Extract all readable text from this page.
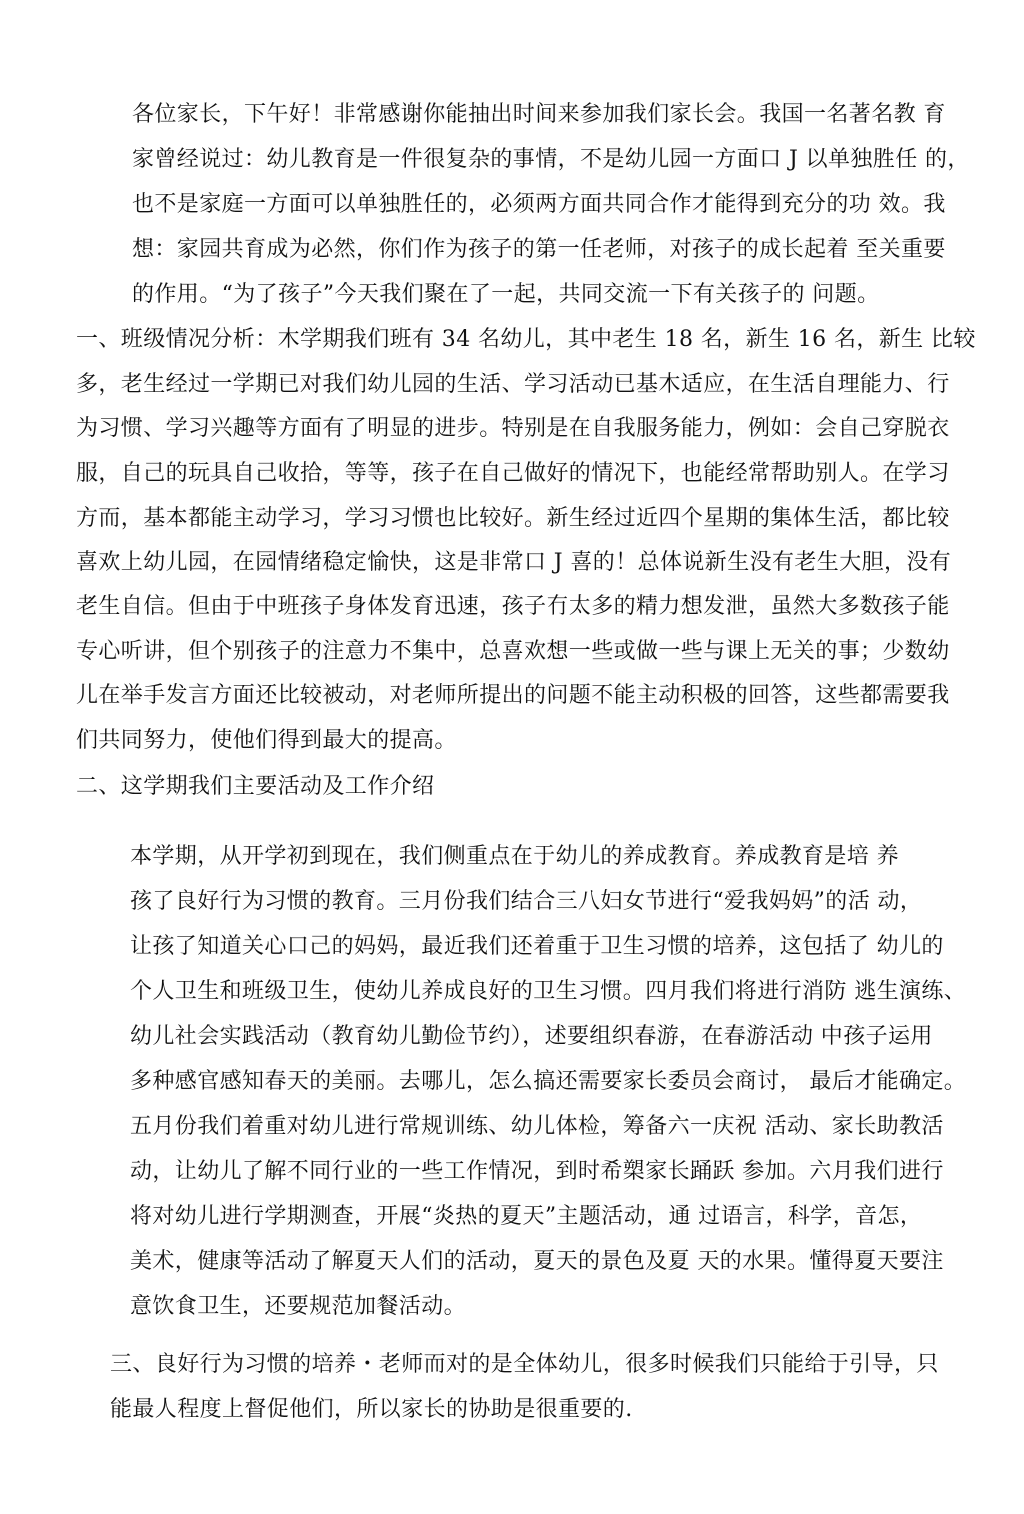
各位家长，下午好！非常感谢你能抽出时间来参加我们家长会。我国一名著名教 育
家曾经说过：幼儿教育是一件很复杂的事情，不是幼儿园一方面口 J 以单独胜任 的，
也不是家庭一方面可以单独胜任的，必须两方面共同合作才能得到充分的功 效。我
想：家园共育成为必然，你们作为孩子的第一任老师，对孩子的成长起着 至关重要
的作用。“为了孩子”今天我们聚在了一起，共同交流一下有关孩子的 问题。
一、班级情况分析：木学期我们班有 34 名幼儿，其中老生 18 名，新生 16 名，新生 比较
多，老生经过一学期已对我们幼儿园的生活、学习活动已基木适应，在生活自理能力、行
为习惯、学习兴趣等方面有了明显的进步。特别是在自我服务能力，例如：会自己穿脱衣
服，自己的玩具自己收拾，等等，孩子在自己做好的情况下，也能经常帮助别人。在学习
方而，基本都能主动学习，学习习惯也比较好。新生经过近四个星期的集体生活，都比较
喜欢上幼儿园，在园情绪稳定愉快，这是非常口 J 喜的！总体说新生没有老生大胆，没有
老生自信。但由于中班孩子身体发育迅速，孩子冇太多的精力想发泄，虽然大多数孩子能
专心听讲，但个别孩子的注意力不集中，总喜欢想一些或做一些与课上无关的事；少数幼
儿在举手发言方面还比较被动，对老师所提出的问题不能主动积极的回答，这些都需要我
们共同努力，使他们得到最大的提高。
二、这学期我们主要活动及工作介绍
本学期，从开学初到现在，我们侧重点在于幼儿的养成教育。养成教育是培 养
孩了良好行为习惯的教育。三月份我们结合三八妇女节进行“爱我妈妈”的活 动，
让孩了知道关心口己的妈妈，最近我们还着重于卫生习惯的培养，这包括了 幼儿的
个人卫生和班级卫生，使幼儿养成良好的卫生习惯。四月我们将进行消防 逃生演练、
幼儿社会实践活动（教育幼儿勤俭节约），述要组织春游，在春游活动 中孩子运用
多种感官感知春天的美丽。去哪儿，怎么搞还需要家长委员会商讨， 最后才能确定。
五月份我们着重对幼儿进行常规训练、幼儿体检，筹备六一庆祝 活动、家长助教活
动，让幼儿了解不同行业的一些工作情况，到时希槊家长踊跃 参加。六月我们进行
将对幼儿进行学期测查，开展“炎热的夏天”主题活动，通 过语言，科学，音怎，
美术，健康等活动了解夏天人们的活动，夏天的景色及夏 天的水果。懂得夏天要注
意饮食卫生，还要规范加餐活动。
三、良好行为习惯的培养・老师而对的是全体幼儿，很多时候我们只能给于引导，只
能最人程度上督促他们，所以家长的协助是很重要的.
